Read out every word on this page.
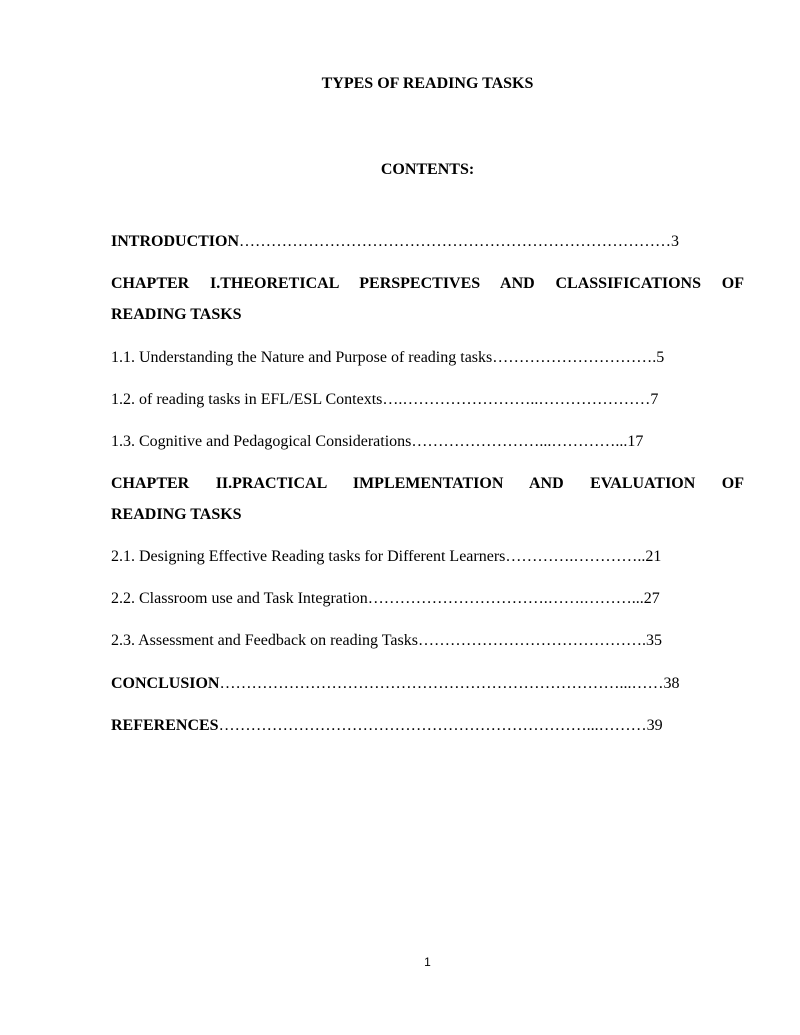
TYPES OF READING TASKS
CONTENTS:
INTRODUCTION………………………………………………………………………3
CHAPTER I.THEORETICAL PERSPECTIVES AND CLASSIFICATIONS OF
READING TASKS
1.1. Understanding the Nature and Purpose of reading tasks………………………….5
1.2. of reading tasks in EFL/ESL Contexts….……………………..…………………7
1.3. Cognitive and Pedagogical Considerations……………………...…………...17
CHAPTER II.PRACTICAL IMPLEMENTATION AND EVALUATION OF
READING TASKS
2.1. Designing Effective Reading tasks for Different Learners………….…………..21
2.2. Classroom use and Task Integration…………………………….…….………...27
2.3. Assessment and Feedback on reading Tasks…………………………………….35
CONCLUSION…………………………………………………………………...……38
REFERENCES……………………………………………………………...………39
1
